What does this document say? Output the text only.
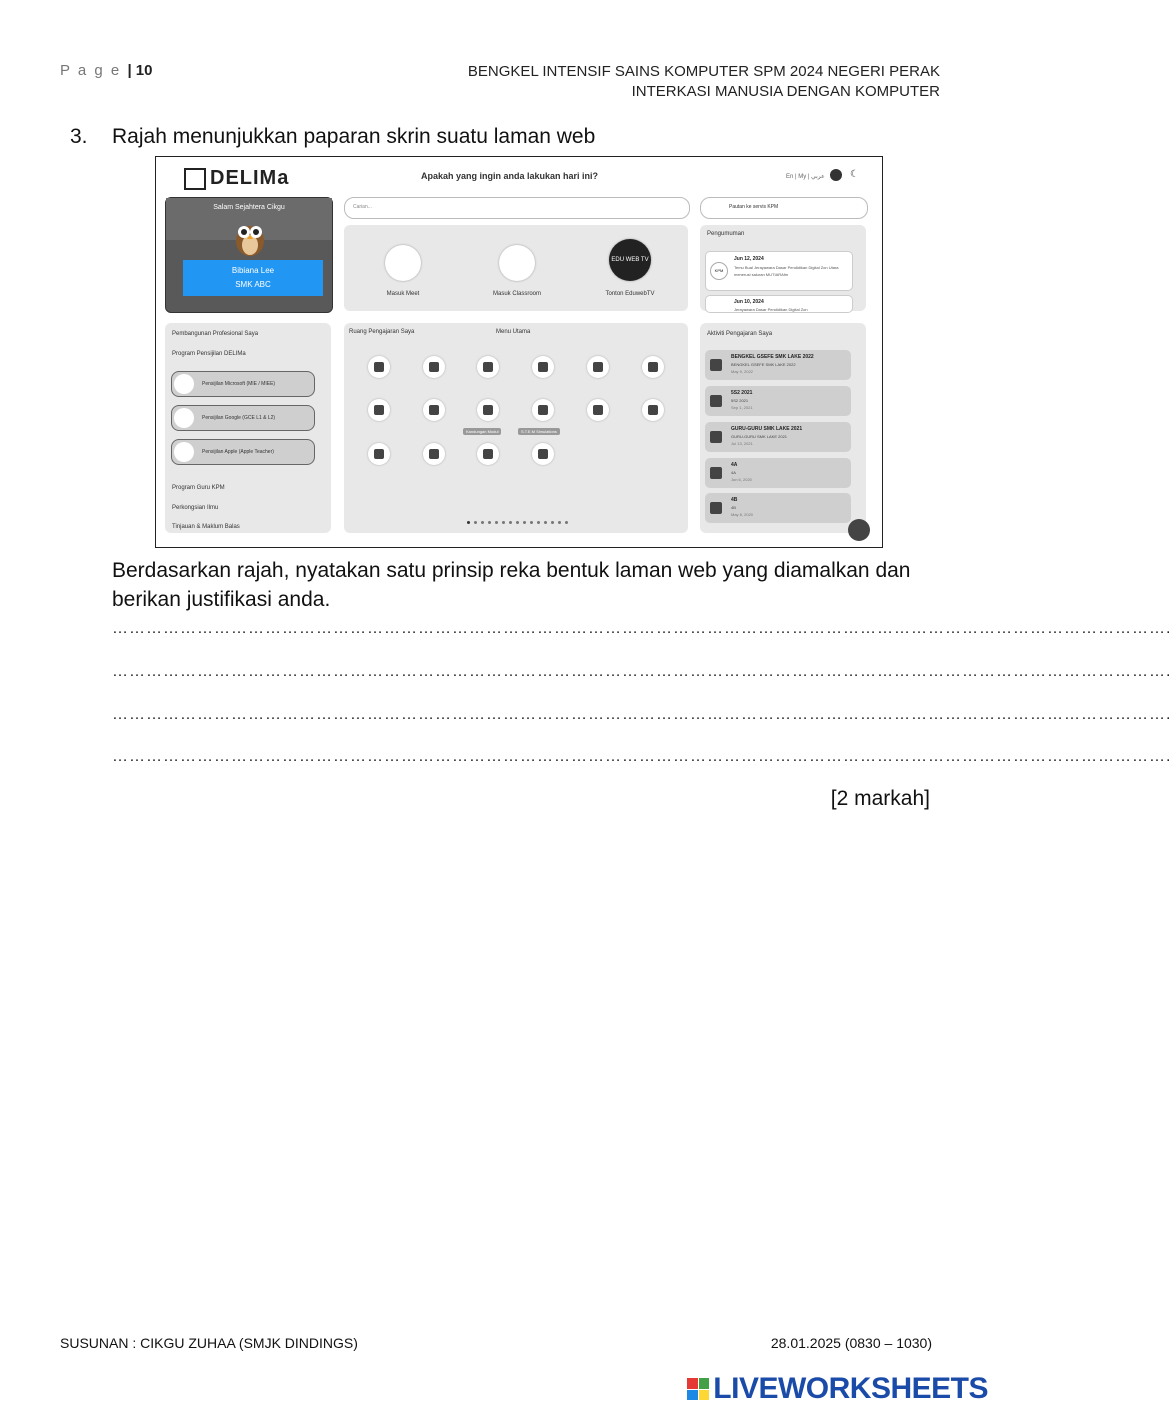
P a g e | 10	BENGKEL INTENSIF SAINS KOMPUTER SPM 2024 NEGERI PERAK
INTERKASI MANUSIA DENGAN KOMPUTER
3. Rajah menunjukkan paparan skrin suatu laman web
DELIMa	Apakah yang ingin anda lakukan hari ini?	En | My | عربي	☾
Salam Sejahtera Cikgu
Bibiana Lee
SMK ABC
Carian...	Pautan ke servis KPM
Masuk Meet	Masuk Classroom
EDU WEB TV
Tonton EduwebTV
Pengumuman
KPM
Jun 12, 2024
Temu Bual Jerayawara Dasar Pendidikan Digital Zon Utara menerusi saluran MUTIARAfm
Jun 10, 2024
Jerayawara Dasar Pendidikan Digital Zon
Pembangunan Profesional Saya
Program Pensijilan DELIMa
Pensijilan Microsoft (MIE / MIEE)
Pensijilan Google (GCE L1 & L2)
Pensijilan Apple (Apple Teacher)
Program Guru KPM
Perkongsian Ilmu
Tinjauan & Maklum Balas
Ruang Pengajaran Saya	Menu Utama
Kandungan Modul	S.T.E.M Simulations
Aktiviti Pengajaran Saya
BENGKEL GSEFE SMK LAKE 2022
BENGKEL GSEFE SMK LAKE 2022
May 9, 2022
5S2 2021
5S2 2021
Sep 1, 2021
GURU-GURU SMK LAKE 2021
GURU-GURU SMK LAKE 2021
Jul 13, 2021
4A
4A
Jun 6, 2020
4B
4B
May 8, 2020
Berdasarkan rajah, nyatakan satu prinsip reka bentuk laman web yang diamalkan dan berikan justifikasi anda.
…………………………………………………………………………………………………………………………………………………………………….
…………………………………………………………………………………………………………………………………………………………………….
…………………………………………………………………………………………………………………………………………………………………….
…………………………………………………………………………………………………………………………………………………………………….
[2 markah]
SUSUNAN : CIKGU ZUHAA (SMJK DINDINGS)	28.01.2025 (0830 – 1030)
LIVEWORKSHEETS
